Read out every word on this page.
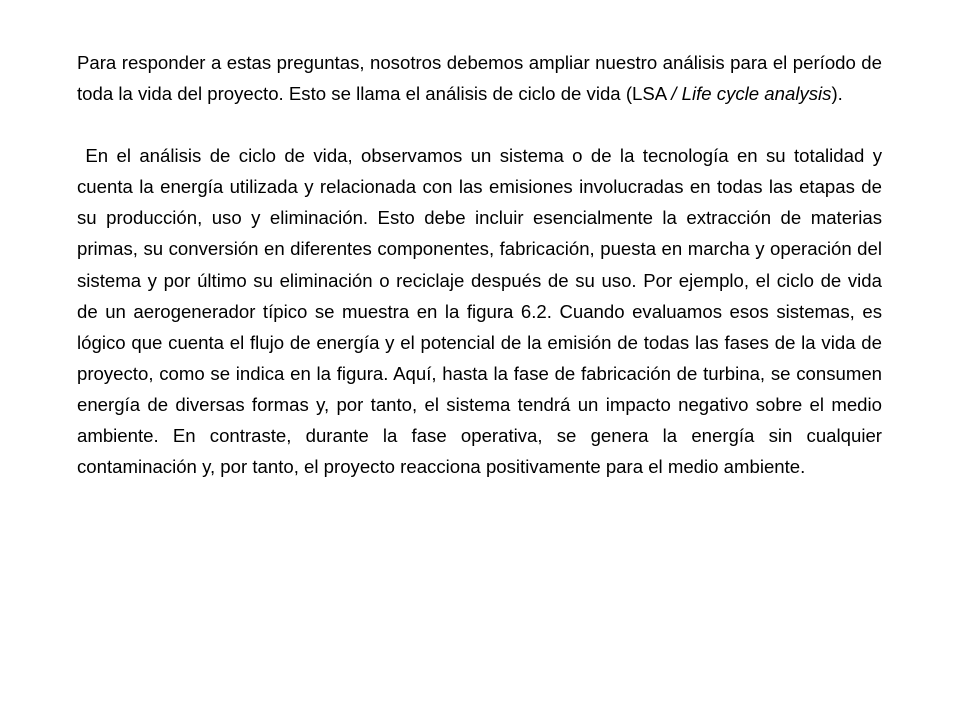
Para responder a estas preguntas, nosotros debemos ampliar nuestro análisis para el período de toda la vida del proyecto. Esto se llama el análisis de ciclo de vida (LSA / Life cycle analysis).

En el análisis de ciclo de vida, observamos un sistema o de la tecnología en su totalidad y cuenta la energía utilizada y relacionada con las emisiones involucradas en todas las etapas de su producción, uso y eliminación. Esto debe incluir esencialmente la extracción de materias primas, su conversión en diferentes componentes, fabricación, puesta en marcha y operación del sistema y por último su eliminación o reciclaje después de su uso. Por ejemplo, el ciclo de vida de un aerogenerador típico se muestra en la figura 6.2. Cuando evaluamos esos sistemas, es lógico que cuenta el flujo de energía y el potencial de la emisión de todas las fases de la vida de proyecto, como se indica en la figura. Aquí, hasta la fase de fabricación de turbina, se consumen energía de diversas formas y, por tanto, el sistema tendrá un impacto negativo sobre el medio ambiente. En contraste, durante la fase operativa, se genera la energía sin cualquier contaminación y, por tanto, el proyecto reacciona positivamente para el medio ambiente.
